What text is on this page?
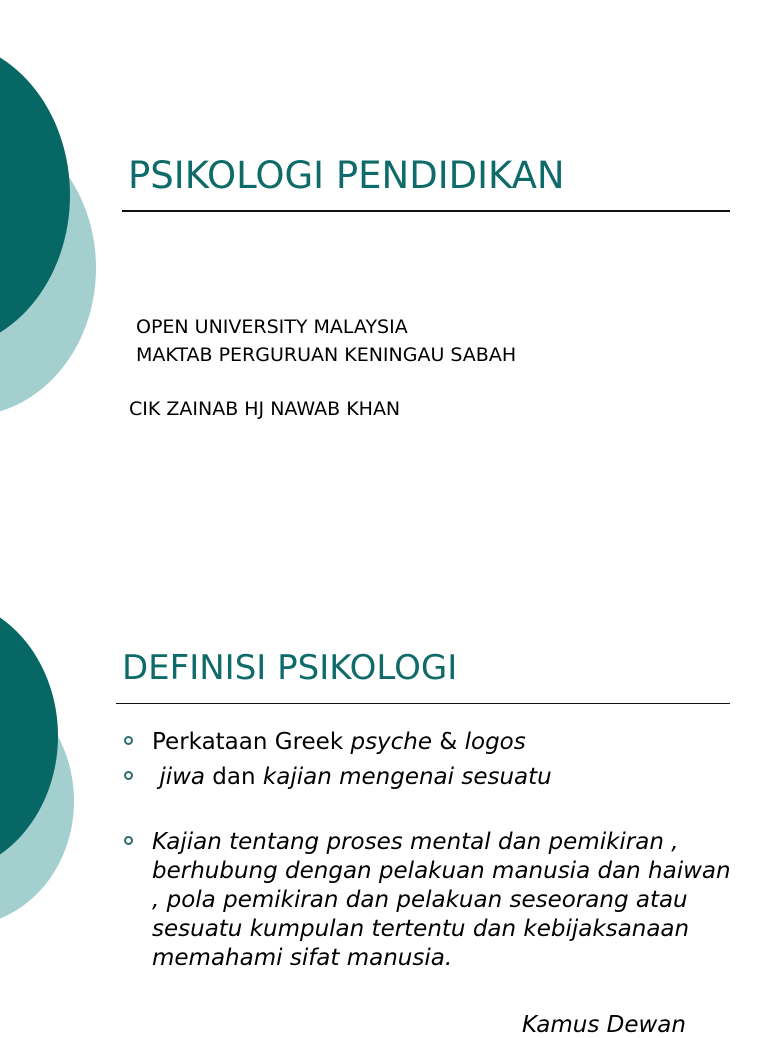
PSIKOLOGI PENDIDIKAN

OPEN UNIVERSITY MALAYSIA

MAKTAB PERGURUAN KENINGAU SABAH

CIK ZAINAB HJ NAWAB KHAN

DEFINISI PSIKOLOGI
Perkataan Greek psyche & logos
jiwa dan kajian mengenai sesuatu
Kajian tentang proses mental dan pemikiran , berhubung dengan pelakuan manusia dan haiwan , pola pemikiran dan pelakuan seseorang atau sesuatu kumpulan tertentu dan kebijaksanaan memahami sifat manusia.
Kamus Dewan
